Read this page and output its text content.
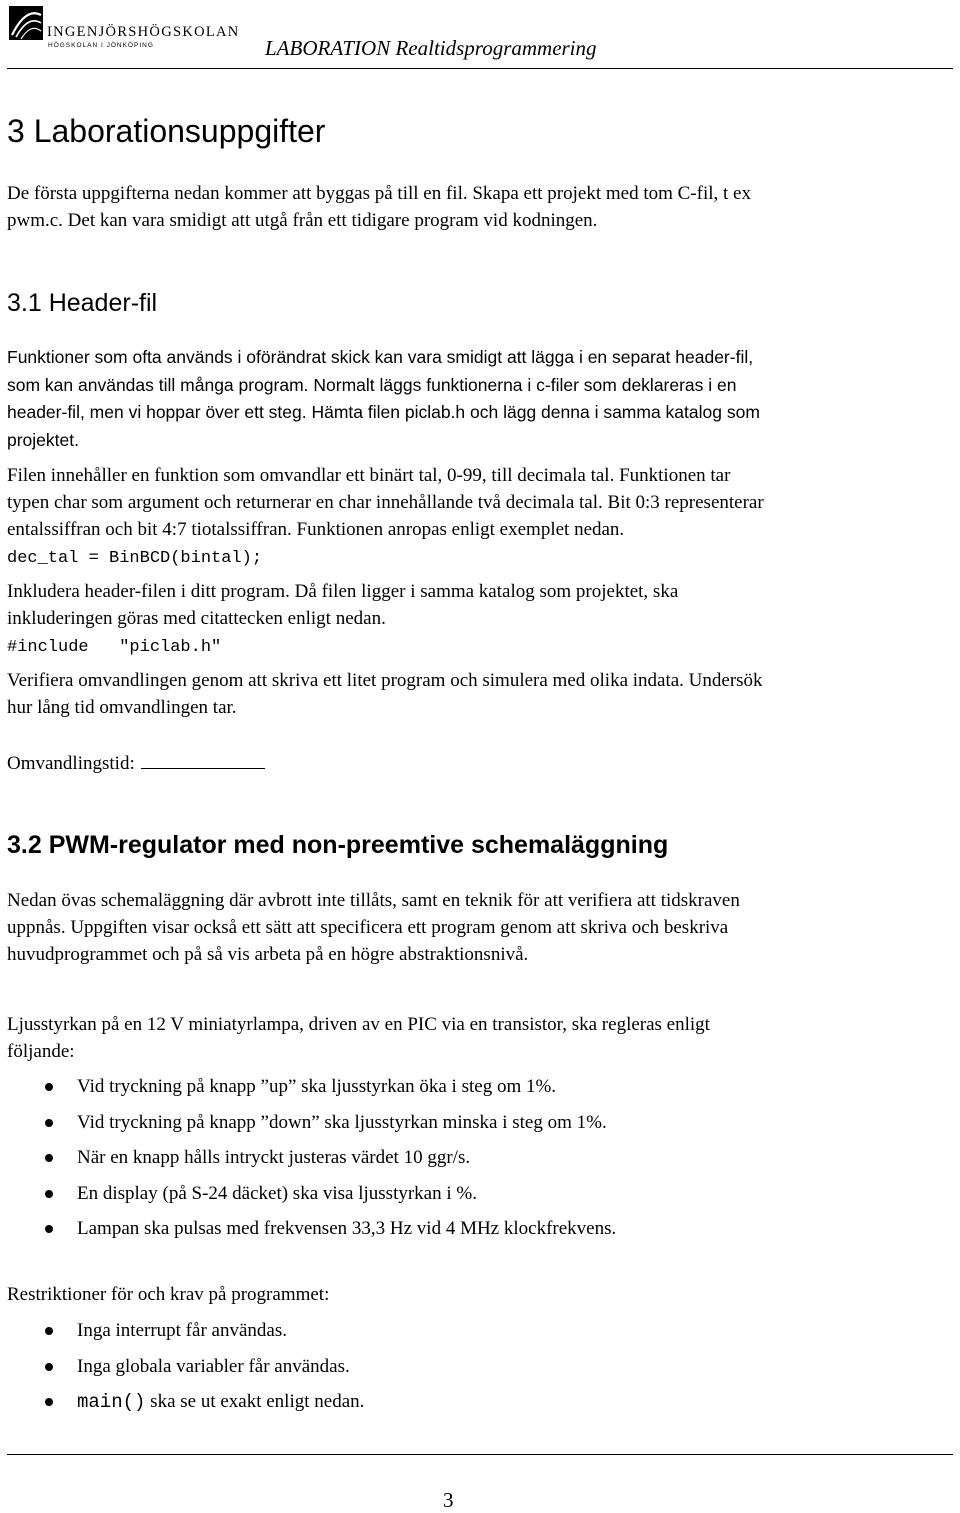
INGENJÖRSHÖGSKOLAN
HÖGSKOLAN I JÖNKÖPING	LABORATION Realtidsprogrammering
3 Laborationsuppgifter
De första uppgifterna nedan kommer att byggas på till en fil. Skapa ett projekt med tom C-fil, t ex
pwm.c. Det kan vara smidigt att utgå från ett tidigare program vid kodningen.
3.1 Header-fil
Funktioner som ofta används i oförändrat skick kan vara smidigt att lägga i en separat header-fil,
som kan användas till många program. Normalt läggs funktionerna i c-filer som deklareras i en
header-fil, men vi hoppar över ett steg. Hämta filen piclab.h och lägg denna i samma katalog som
projektet.
Filen innehåller en funktion som omvandlar ett binärt tal, 0-99, till decimala tal. Funktionen tar
typen char som argument och returnerar en char innehållande två decimala tal. Bit 0:3 representerar
entalssiffran och bit 4:7 tiotalssiffran. Funktionen anropas enligt exemplet nedan.
dec_tal = BinBCD(bintal);
Inkludera header-filen i ditt program. Då filen ligger i samma katalog som projektet, ska
inkluderingen göras med citattecken enligt nedan.
#include   "piclab.h"
Verifiera omvandlingen genom att skriva ett litet program och simulera med olika indata. Undersök
hur lång tid omvandlingen tar.
Omvandlingstid:
3.2 PWM-regulator med non-preemtive schemaläggning
Nedan övas schemaläggning där avbrott inte tillåts, samt en teknik för att verifiera att tidskraven
uppnås. Uppgiften visar också ett sätt att specificera ett program genom att skriva och beskriva
huvudprogrammet och på så vis arbeta på en högre abstraktionsnivå.
Ljusstyrkan på en 12 V miniatyrlampa, driven av en PIC via en transistor, ska regleras enligt
följande:
Vid tryckning på knapp ”up” ska ljusstyrkan öka i steg om 1%.
Vid tryckning på knapp ”down” ska ljusstyrkan minska i steg om 1%.
När en knapp hålls intryckt justeras värdet 10 ggr/s.
En display (på S-24 däcket) ska visa ljusstyrkan i %.
Lampan ska pulsas med frekvensen 33,3 Hz vid 4 MHz klockfrekvens.
Restriktioner för och krav på programmet:
Inga interrupt får användas.
Inga globala variabler får användas.
main() ska se ut exakt enligt nedan.
3
